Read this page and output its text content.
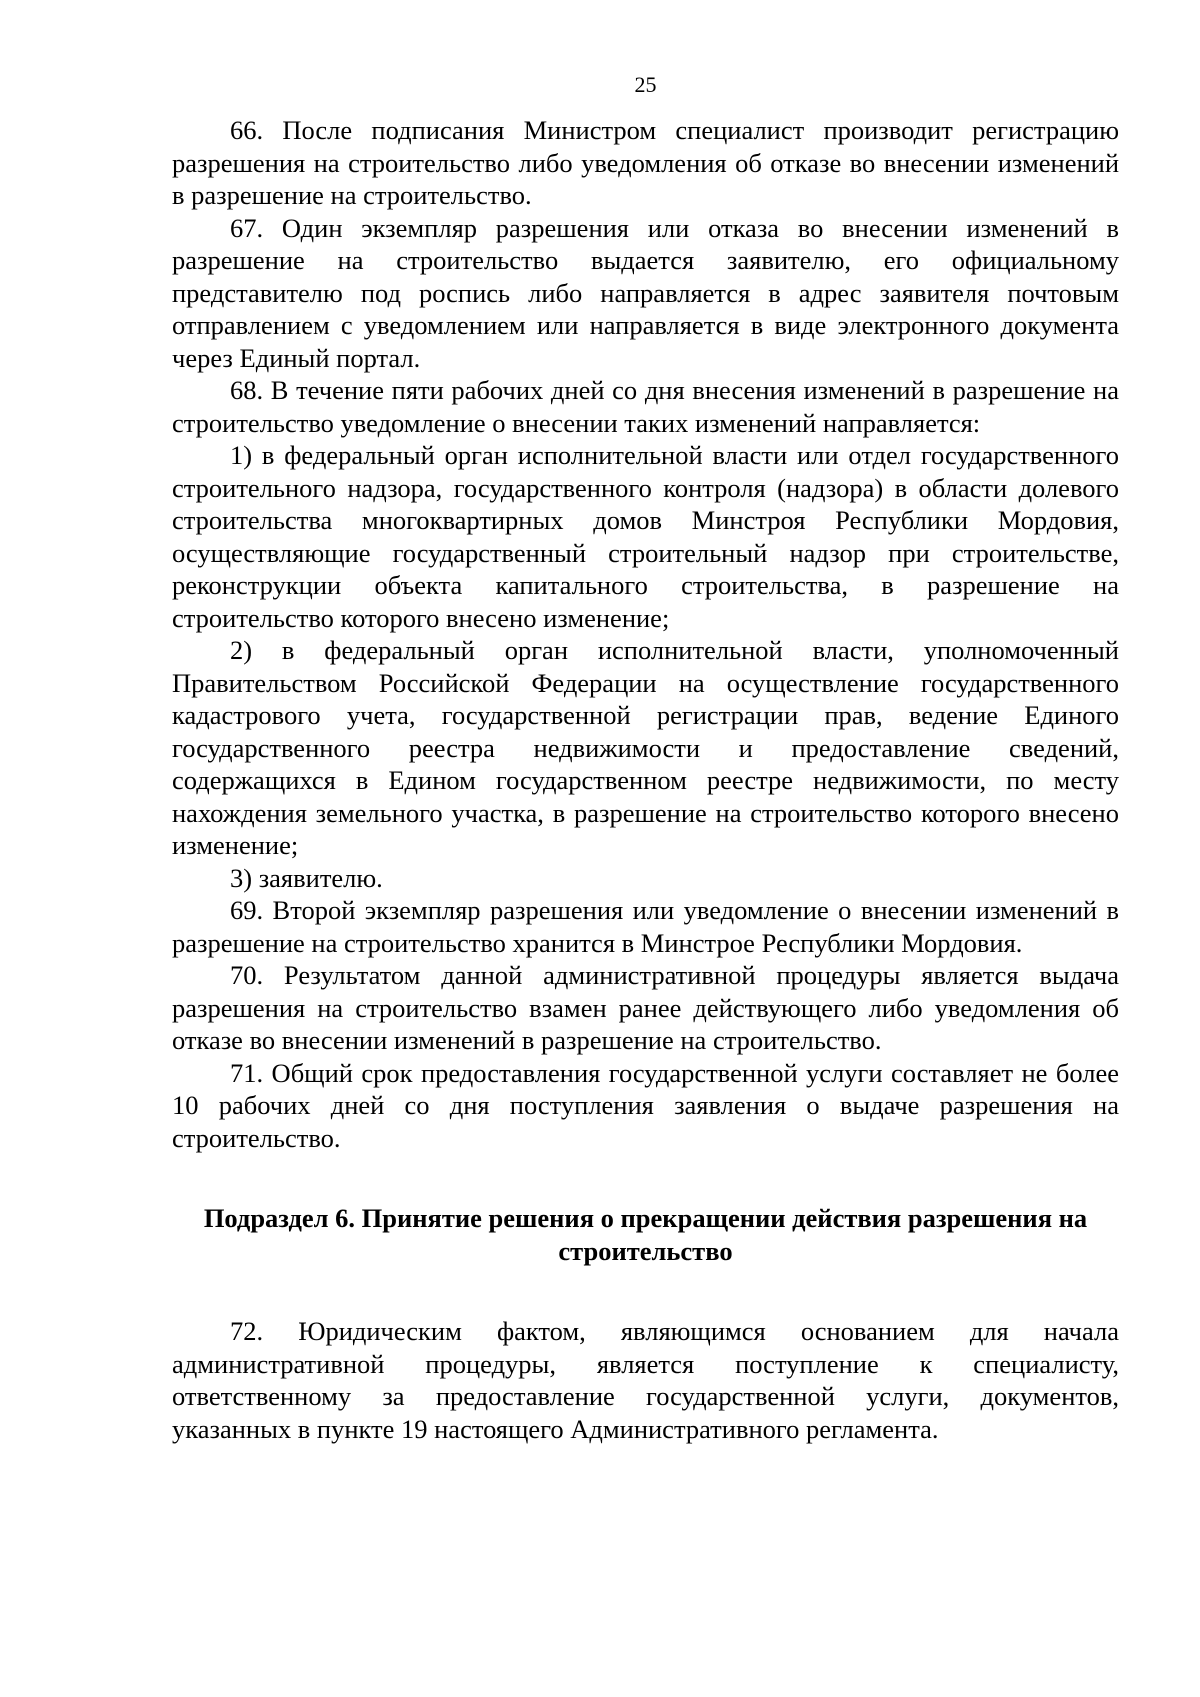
25

66. После подписания Министром специалист производит регистрацию разрешения на строительство либо уведомления об отказе во внесении изменений в разрешение на строительство.

67. Один экземпляр разрешения или отказа во внесении изменений в разрешение на строительство выдается заявителю, его официальному представителю под роспись либо направляется в адрес заявителя почтовым отправлением с уведомлением или направляется в виде электронного документа через Единый портал.

68. В течение пяти рабочих дней со дня внесения изменений в разрешение на строительство уведомление о внесении таких изменений направляется:

1) в федеральный орган исполнительной власти или отдел государственного строительного надзора, государственного контроля (надзора) в области долевого строительства многоквартирных домов Минстроя Республики Мордовия, осуществляющие государственный строительный надзор при строительстве, реконструкции объекта капитального строительства, в разрешение на строительство которого внесено изменение;

2) в федеральный орган исполнительной власти, уполномоченный Правительством Российской Федерации на осуществление государственного кадастрового учета, государственной регистрации прав, ведение Единого государственного реестра недвижимости и предоставление сведений, содержащихся в Едином государственном реестре недвижимости, по месту нахождения земельного участка, в разрешение на строительство которого внесено изменение;

3) заявителю.

69. Второй экземпляр разрешения или уведомление о внесении изменений в разрешение на строительство хранится в Минстрое Республики Мордовия.

70. Результатом данной административной процедуры является выдача разрешения на строительство взамен ранее действующего либо уведомления об отказе во внесении изменений в разрешение на строительство.

71. Общий срок предоставления государственной услуги составляет не более 10 рабочих дней со дня поступления заявления о выдаче разрешения на строительство.

Подраздел 6. Принятие решения о прекращении действия разрешения на строительство

72. Юридическим фактом, являющимся основанием для начала административной процедуры, является поступление к специалисту, ответственному за предоставление государственной услуги, документов, указанных в пункте 19 настоящего Административного регламента.
